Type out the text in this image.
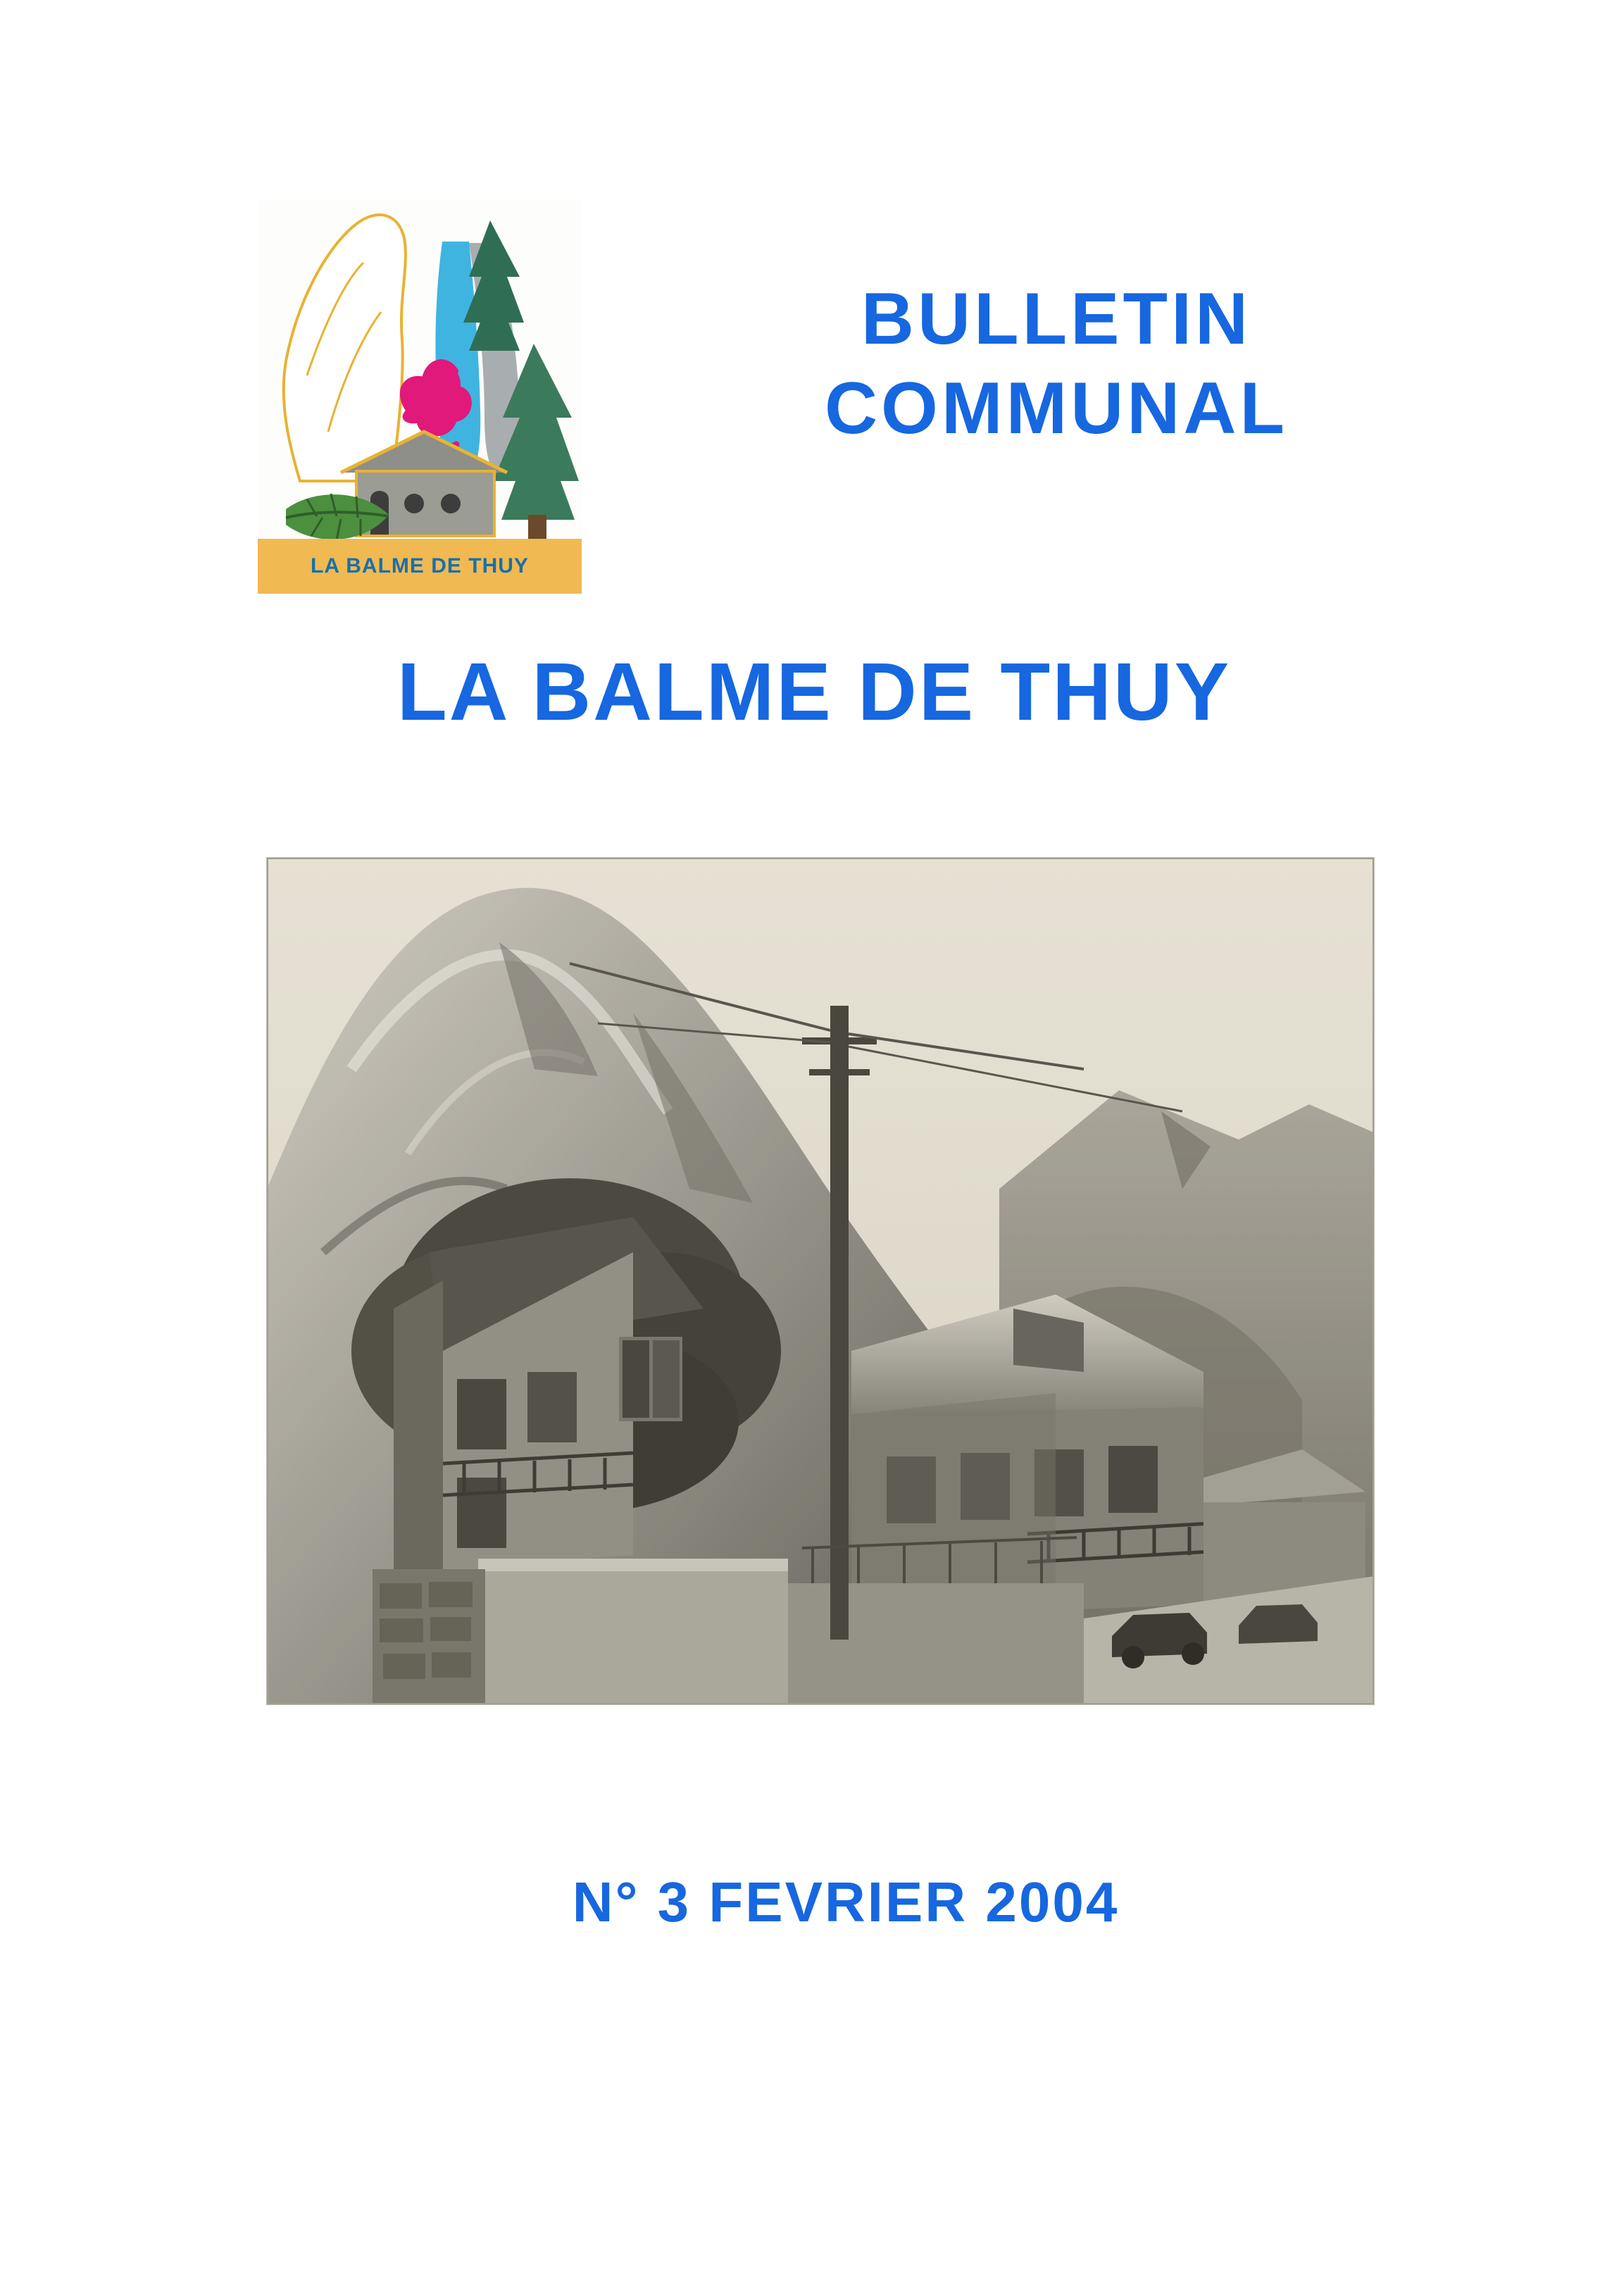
LA BALME DE THUY
BULLETIN
COMMUNAL
LA BALME DE THUY
N° 3 FEVRIER 2004
